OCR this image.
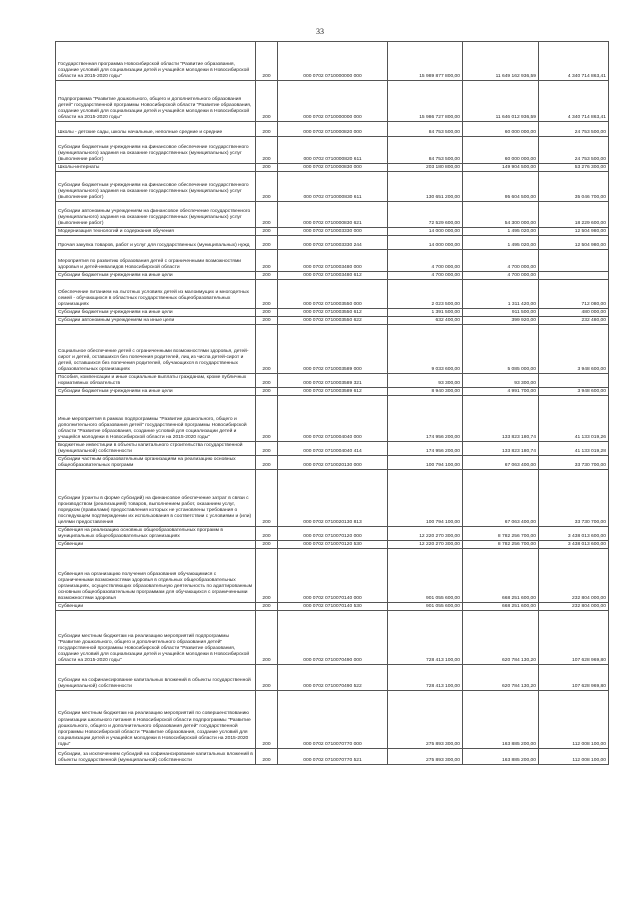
33
Государственная программа Новосибирской области "Развитие образования, создание условий для социализации детей и учащейся молодежи в Новосибирской области на 2015-2020 годы"	200	000 0702 0710000000 000	15 989 877 800,00	11 649 162 936,59	4 340 714 863,41
Подпрограмма "Развитие дошкольного, общего и дополнительного образования детей" государственной программы Новосибирской области "Развитие образования, создание условий для социализации детей и учащейся молодежи в Новосибирской области на 2015-2020 годы"	200	000 0702 0710000000 000	15 986 727 800,00	11 646 012 936,59	4 340 714 863,41
Школы - детские сады, школы начальные, неполные средние и средние	200	000 0702 0710000820 000	84 753 500,00	60 000 000,00	24 753 500,00
Субсидии бюджетным учреждениям на финансовое обеспечение государственного (муниципального) задания на оказание государственных (муниципальных) услуг (выполнение работ)	200	000 0702 0710000820 611	84 753 500,00	60 000 000,00	24 753 500,00
Школы-интернаты	200	000 0702 0710000830 000	203 180 800,00	149 904 500,00	53 276 300,00
Субсидии бюджетным учреждениям на финансовое обеспечение государственного (муниципального) задания на оказание государственных (муниципальных) услуг (выполнение работ)	200	000 0702 0710000830 611	130 651 200,00	95 604 500,00	35 046 700,00
Субсидии автономным учреждениям на финансовое обеспечение государственного (муниципального) задания на оказание государственных (муниципальных) услуг (выполнение работ)	200	000 0702 0710000830 621	72 529 600,00	54 300 000,00	18 229 600,00
Модернизация технологий и содержания обучения	200	000 0702 0710003330 000	14 000 000,00	1 495 020,00	12 504 980,00
Прочая закупка товаров, работ и услуг для государственных (муниципальных) нужд	200	000 0702 0710003330 244	14 000 000,00	1 495 020,00	12 504 980,00
Мероприятия по развитию образования детей с ограниченными возможностями здоровья и детей-инвалидов Новосибирской области	200	000 0702 0710003480 000	4 700 000,00	4 700 000,00	
Субсидии бюджетным учреждениям на иные цели	200	000 0702 0710003480 612	4 700 000,00	4 700 000,00	
Обеспечение питанием на льготных условиях детей из малоимущих и многодетных семей - обучающихся в областных государственных общеобразовательных организациях	200	000 0702 0710003550 000	2 023 500,00	1 311 420,00	712 080,00
Субсидии бюджетным учреждениям на иные цели	200	000 0702 0710003550 612	1 391 500,00	911 500,00	480 000,00
Субсидии автономным учреждениям на иные цели	200	000 0702 0710003550 622	632 400,00	399 920,00	232 480,00
Социальное обеспечение детей с ограниченными возможностями здоровья, детей-сирот и детей, оставшихся без попечения родителей, лиц из числа детей-сирот и детей, оставшихся без попечения родителей, обучающихся в государственных образовательных организациях	200	000 0702 0710003589 000	9 033 600,00	5 085 000,00	3 948 600,00
Пособия, компенсации и иные социальные выплаты гражданам, кроме публичных нормативных обязательств	200	000 0702 0710003589 321	93 300,00	93 300,00	
Субсидии бюджетным учреждениям на иные цели	200	000 0702 0710003589 612	8 940 300,00	4 991 700,00	3 948 600,00
Иные мероприятия в рамках подпрограммы "Развитие дошкольного, общего и дополнительного образования детей" государственной программы Новосибирской области "Развитие образования, создание условий для социализации детей и учащейся молодежи в Новосибирской области на 2015-2020 годы"	200	000 0702 0710004040 000	174 956 200,00	133 823 180,74	41 133 019,26
Бюджетные инвестиции в объекты капитального строительства государственной (муниципальной) собственности	200	000 0702 0710004040 414	174 956 200,00	133 823 180,74	41 133 019,28
Субсидии частным образовательным организациям на реализацию основных общеобразовательных программ	200	000 0702 0710020130 000	100 794 100,00	67 063 400,00	33 730 700,00
Субсидии (гранты в форме субсидий) на финансовое обеспечение затрат в связи с производством (реализацией) товаров, выполнением работ, оказанием услуг, порядком (правилами) предоставления которых не установлены требования о последующем подтверждении их использования в соответствии с условиями и (или) целями предоставления	200	000 0702 0710020130 813	100 794 100,00	67 063 400,00	33 730 700,00
Субвенция на реализацию основных общеобразовательных программ в муниципальных общеобразовательных организациях	200	000 0702 0710070120 000	12 220 270 300,00	8 782 256 700,00	3 438 013 600,00
Субвенции	200	000 0702 0710070120 530	12 220 270 300,00	8 782 256 700,00	3 438 013 600,00
Субвенция на организацию получения образования обучающимися с ограниченными возможностями здоровья в отдельных общеобразовательных организациях, осуществляющих образовательную деятельность по адаптированным основным общеобразовательным программам для обучающихся с ограниченными возможностями здоровья	200	000 0702 0710070140 000	901 055 600,00	668 251 600,00	232 804 000,00
Субвенции	200	000 0702 0710070140 530	901 055 600,00	668 251 600,00	232 804 000,00
Субсидии местным бюджетам на реализацию мероприятий подпрограммы "Развитие дошкольного, общего и дополнительного образования детей" государственной программы Новосибирской области "Развитие образования, создание условий для социализации детей и учащейся молодежи в Новосибирской области на 2015-2020 годы"	200	000 0702 0710070490 000	728 413 100,00	620 784 130,20	107 628 969,80
Субсидии на софинансирование капитальных вложений в объекты государственной (муниципальной) собственности	200	000 0702 0710070490 522	728 413 100,00	620 784 130,20	107 628 969,80
Субсидии местным бюджетам на реализацию мероприятий по совершенствованию организации школьного питания в Новосибирской области подпрограммы "Развитие дошкольного, общего и дополнительного образования детей" государственной программы Новосибирской области "Развитие образования, создание условий для социализации детей и учащейся молодежи в Новосибирской области на 2015-2020 годы"	200	000 0702 0710070770 000	275 893 300,00	163 885 200,00	112 008 100,00
Субсидии, за исключением субсидий на софинансирование капитальных вложений в объекты государственной (муниципальной) собственности	200	000 0702 0710070770 521	275 893 300,00	163 885 200,00	112 008 100,00
